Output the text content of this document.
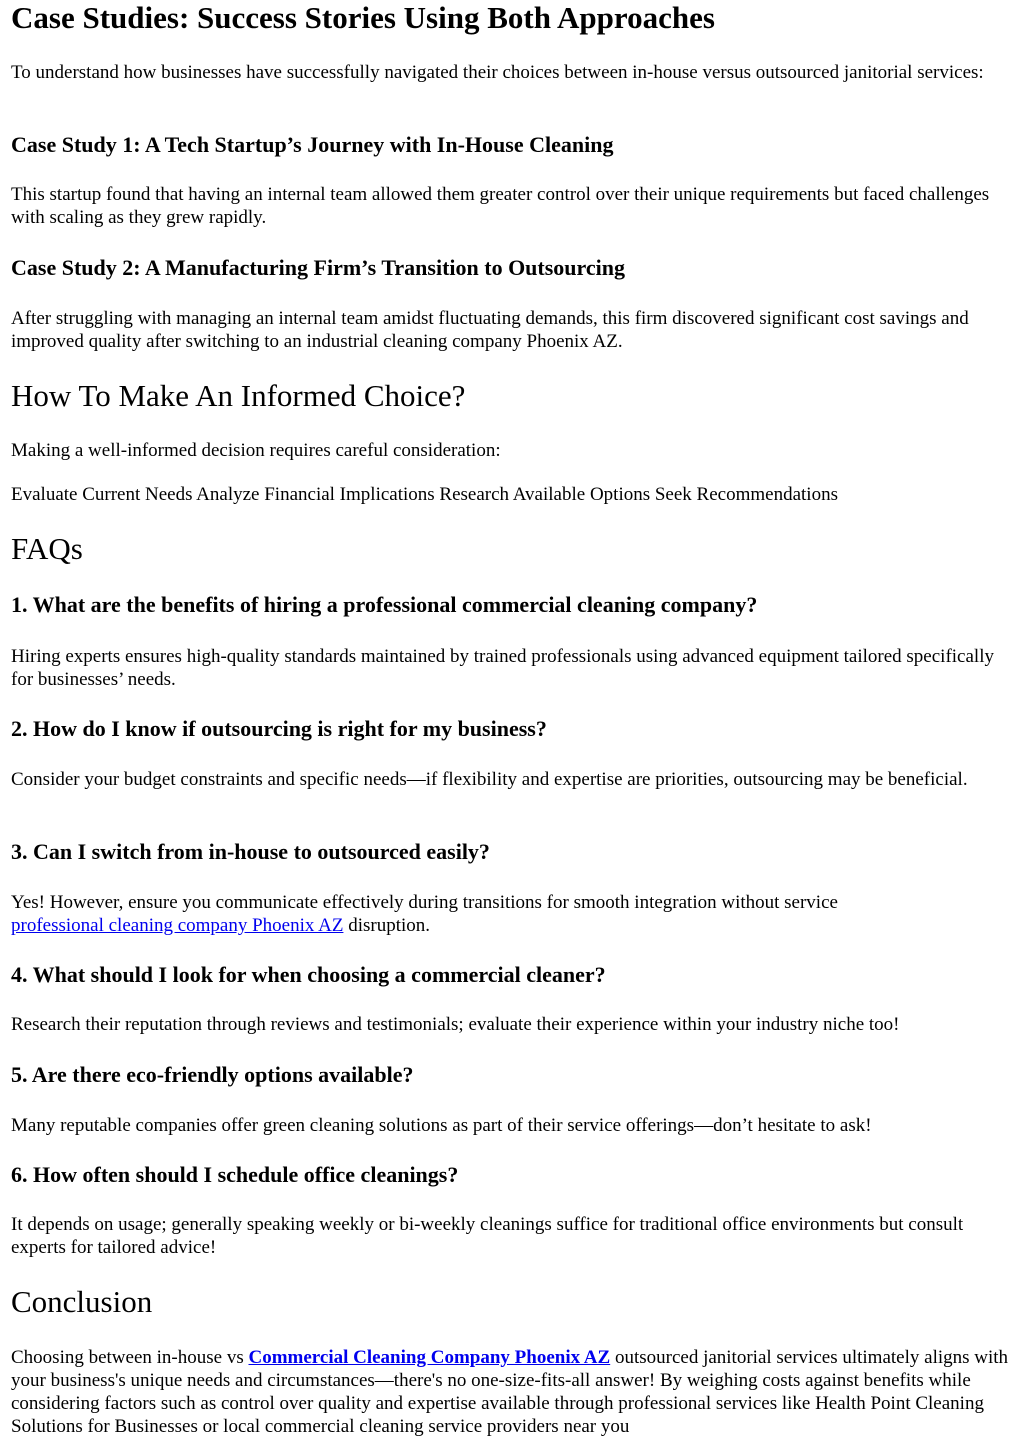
Case Studies: Success Stories Using Both Approaches

To understand how businesses have successfully navigated their choices between in-house versus outsourced janitorial services:

Case Study 1: A Tech Startup’s Journey with In-House Cleaning

This startup found that having an internal team allowed them greater control over their unique requirements but faced challenges with scaling as they grew rapidly.

Case Study 2: A Manufacturing Firm’s Transition to Outsourcing

After struggling with managing an internal team amidst fluctuating demands, this firm discovered significant cost savings and improved quality after switching to an industrial cleaning company Phoenix AZ.

How To Make An Informed Choice?

Making a well-informed decision requires careful consideration:

Evaluate Current Needs Analyze Financial Implications Research Available Options Seek Recommendations

FAQs
1. What are the benefits of hiring a professional commercial cleaning company?

Hiring experts ensures high-quality standards maintained by trained professionals using advanced equipment tailored specifically for businesses’ needs.

2. How do I know if outsourcing is right for my business?

Consider your budget constraints and specific needs—if flexibility and expertise are priorities, outsourcing may be beneficial.

3. Can I switch from in-house to outsourced easily?

Yes! However, ensure you communicate effectively during transitions for smooth integration without service

professional cleaning company Phoenix AZ disruption.

4. What should I look for when choosing a commercial cleaner?

Research their reputation through reviews and testimonials; evaluate their experience within your industry niche too!

5. Are there eco-friendly options available?

Many reputable companies offer green cleaning solutions as part of their service offerings—don’t hesitate to ask!

6. How often should I schedule office cleanings?

It depends on usage; generally speaking weekly or bi-weekly cleanings suffice for traditional office environments but consult experts for tailored advice!

Conclusion

Choosing between in-house vs Commercial Cleaning Company Phoenix AZ outsourced janitorial services ultimately aligns with your business's unique needs and circumstances—there's no one-size-fits-all answer! By weighing costs against benefits while considering factors such as control over quality and expertise available through professional services like Health Point Cleaning Solutions for Businesses or local commercial cleaning service providers near you
